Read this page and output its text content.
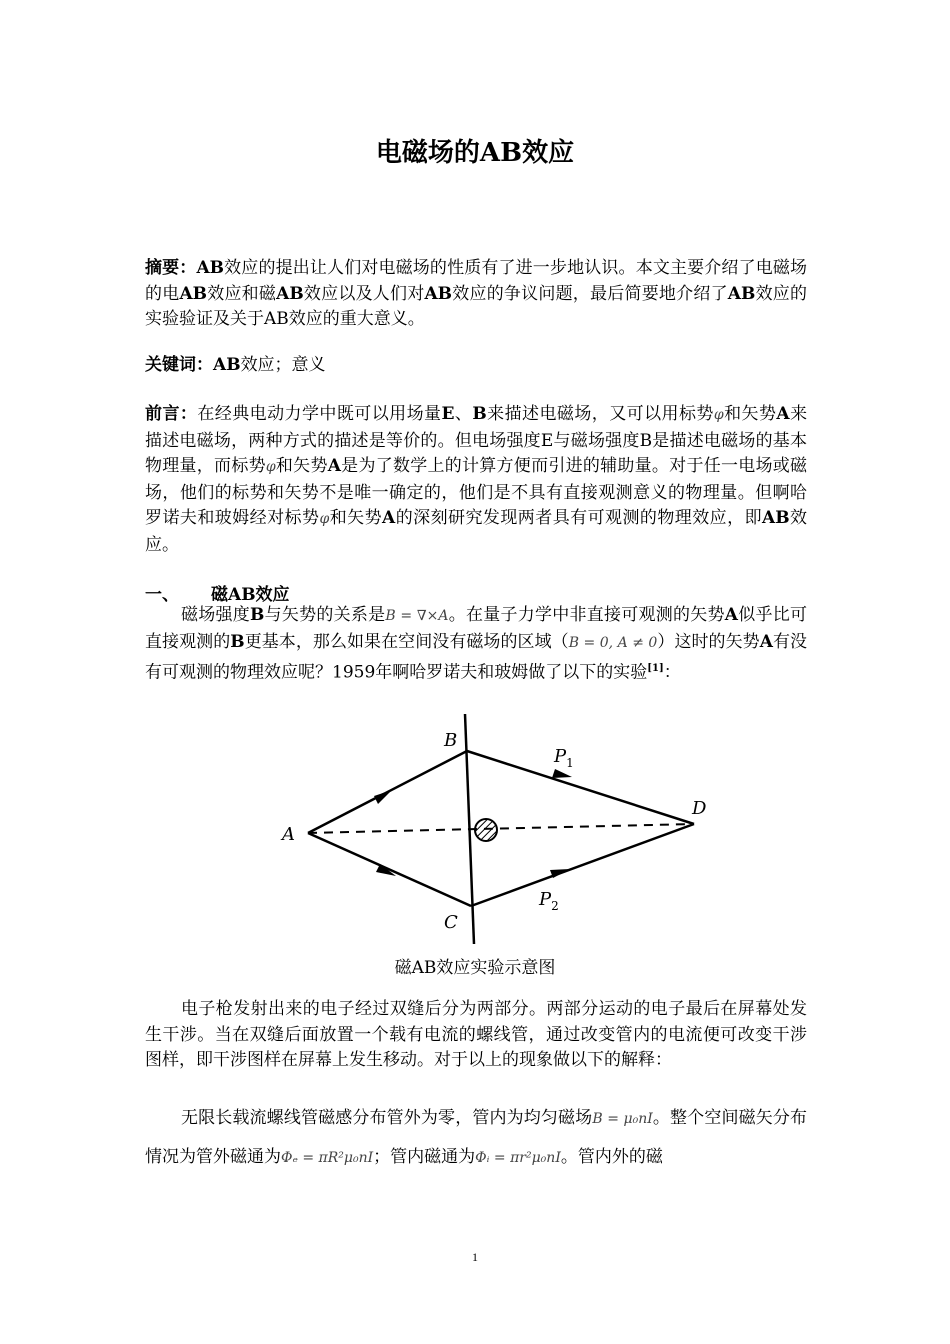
电磁场的AB效应

摘要：AB效应的提出让人们对电磁场的性质有了进一步地认识。本文主要介绍了电磁场的电AB效应和磁AB效应以及人们对AB效应的争议问题，最后简要地介绍了AB效应的实验验证及关于AB效应的重大意义。

关键词：AB效应；意义

前言：在经典电动力学中既可以用场量E、B来描述电磁场，又可以用标势φ和矢势A来描述电磁场，两种方式的描述是等价的。但电场强度E与磁场强度B是描述电磁场的基本物理量，而标势φ和矢势A是为了数学上的计算方便而引进的辅助量。对于任一电场或磁场，他们的标势和矢势不是唯一确定的，他们是不具有直接观测意义的物理量。但啊哈罗诺夫和玻姆经对标势φ和矢势A的深刻研究发现两者具有可观测的物理效应，即AB效应。

一、 磁AB效应

磁场强度B与矢势的关系是B = ∇×A。在量子力学中非直接可观测的矢势A似乎比可直接观测的B更基本，那么如果在空间没有磁场的区域（B = 0, A ≠ 0）这时的矢势A有没有可观测的物理效应呢？1959年啊哈罗诺夫和玻姆做了以下的实验[1]：

A
B
C
D
$P_1$
$P_2$
磁AB效应实验示意图

电子枪发射出来的电子经过双缝后分为两部分。两部分运动的电子最后在屏幕处发生干涉。当在双缝后面放置一个载有电流的螺线管，通过改变管内的电流便可改变干涉图样，即干涉图样在屏幕上发生移动。对于以上的现象做以下的解释：

无限长载流螺线管磁感分布管外为零，管内为均匀磁场B = μ₀nI。整个空间磁矢分布情况为管外磁通为Φₑ = πR²μ₀nI；管内磁通为Φᵢ = πr²μ₀nI。管内外的磁

1
